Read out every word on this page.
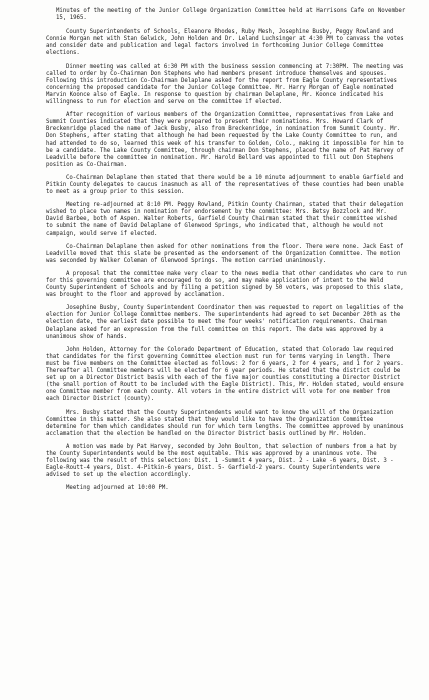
Minutes of the meeting of the Junior College Organization Committee held at Harrisons Cafe on November 15, 1965.

County Superintendents of Schools, Eleanore Rhodes, Ruby Mesh, Josephine Busby, Peggy Rowland and Connie Morgan met with Stan Gelwick, John Holden and Dr. Leland Luchsinger at 4:30 PM to canvass the votes and consider date and publication and legal factors involved in forthcoming Junior College Committee elections.

Dinner meeting was called at 6:30 PM with the business session commencing at 7:30PM. The meeting was called to order by Co-Chairman Don Stephens who had members present introduce themselves and spouses. Following this introduction Co-Chairman Delaplane asked for the report from Eagle County representatives concerning the proposed candidate for the Junior College Committee. Mr. Harry Morgan of Eagle nominated Marvin Koonce also of Eagle. In response to question by chairman Delaplane, Mr. Koonce indicated his willingness to run for election and serve on the committee if elected.

After recognition of various members of the Organization Committee, representatives from Lake and Summit Counties indicated that they were prepared to present their nominations. Mrs. Howard Clark of Breckenridge placed the name of Jack Busby, also from Breckenridge, in nomination from Summit County. Mr. Don Stephens, after stating that although he had been requested by the Lake County Committee to run, and had attended to do so, learned this week of his transfer to Golden, Colo., making it impossible for him to be a candidate. The Lake County Committee, through chairman Don Stephens, placed the name of Pat Harvey of Leadville before the committee in nomination. Mr. Harold Bellard was appointed to fill out Don Stephens position as Co-Chairman.

Co-Chairman Delaplane then stated that there would be a 10 minute adjournment to enable Garfield and Pitkin County delegates to caucus inasmuch as all of the representatives of these counties had been unable to meet as a group prior to this session.

Meeting re-adjourned at 8:10 PM. Peggy Rowland, Pitkin County Chairman, stated that their delegation wished to place two names in nomination for endorsement by the committee: Mrs. Betsy Bozzlock and Mr. David Barbee, both of Aspen. Walter Roberts, Garfield County Chairman stated that their committee wished to submit the name of David Delaplane of Glenwood Springs, who indicated that, although he would not campaign, would serve if elected.

Co-Chairman Delaplane then asked for other nominations from the floor. There were none. Jack East of Leadville moved that this slate be presented as the endorsement of the Organization Committee. The motion was seconded by Walker Coleman of Glenwood Springs. The motion carried unanimously.

A proposal that the committee make very clear to the news media that other candidates who care to run for this governing committee are encouraged to do so, and may make application of intent to the Weld County Superintendent of Schools and by filing a petition signed by 50 voters, was proposed to this slate, was brought to the floor and approved by acclamation.

Josephine Busby, County Superintendent Coordinator then was requested to report on legalities of the election for Junior College Committee members. The superintendents had agreed to set December 20th as the election date, the earliest date possible to meet the four weeks' notification requirements. Chairman Delaplane asked for an expression from the full committee on this report. The date was approved by a unanimous show of hands.

John Holden, Attorney for the Colorado Department of Education, stated that Colorado law required that candidates for the first governing Committee election must run for terms varying in length. There must be five members on the Committee elected as follows: 2 for 6 years, 2 for 4 years, and 1 for 2 years. Thereafter all Committee members will be elected for 6 year periods. He stated that the district could be set up on a Director District basis with each of the five major counties constituting a Director District (the small portion of Routt to be included with the Eagle District). This, Mr. Holden stated, would ensure one Committee member from each county. All voters in the entire district will vote for one member from each Director District (county).

Mrs. Busby stated that the County Superintendents would want to know the will of the Organization Committee in this matter. She also stated that they would like to have the Organization Committee determine for them which candidates should run for which term lengths. The committee approved by unanimous acclamation that the election be handled on the Director District basis outlined by Mr. Holden.

A motion was made by Pat Harvey, seconded by John Boulton, that selection of numbers from a hat by the County Superintendents would be the most equitable. This was approved by a unanimous vote. The following was the result of this selection: Dist. 1 -Summit 4 years, Dist. 2 - Lake -6 years, Dist. 3 - Eagle-Routt-4 years, Dist. 4-Pitkin-6 years, Dist. 5- Garfield-2 years. County Superintendents were advised to set up the election accordingly.

Meeting adjourned at 10:00 PM.
